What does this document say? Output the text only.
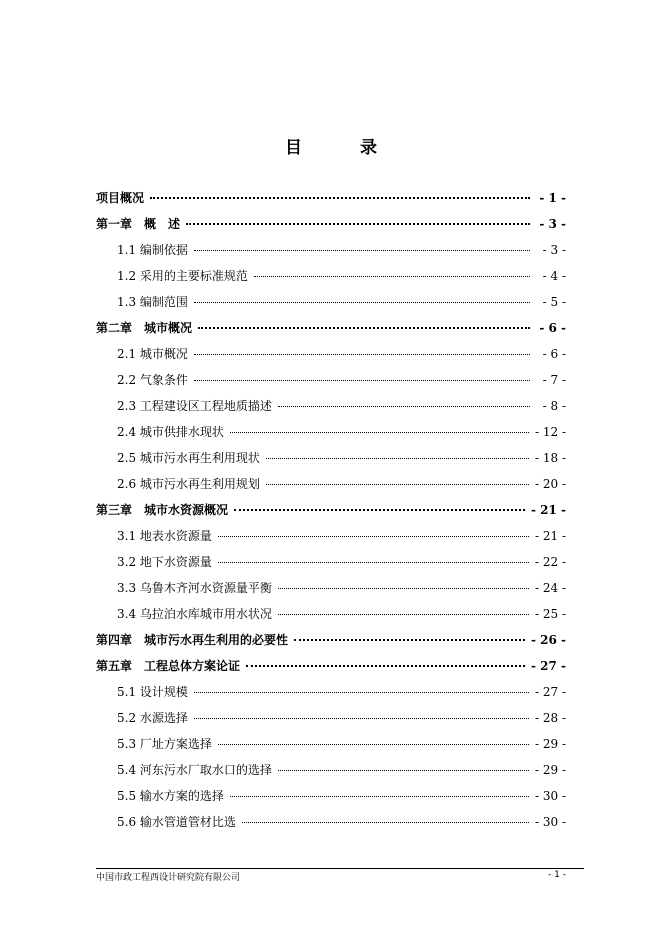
目 录
项目概况	- 1 -
第一章　概　述	- 3 -
1.1 编制依据	- 3 -
1.2 采用的主要标准规范	- 4 -
1.3 编制范围	- 5 -
第二章　城市概况	- 6 -
2.1 城市概况	- 6 -
2.2 气象条件	- 7 -
2.3 工程建设区工程地质描述	- 8 -
2.4 城市供排水现状	- 12 -
2.5 城市污水再生利用现状	- 18 -
2.6 城市污水再生利用规划	- 20 -
第三章　城市水资源概况	- 21 -
3.1 地表水资源量	- 21 -
3.2 地下水资源量	- 22 -
3.3 乌鲁木齐河水资源量平衡	- 24 -
3.4 乌拉泊水库城市用水状况	- 25 -
第四章　城市污水再生利用的必要性	- 26 -
第五章　工程总体方案论证	- 27 -
5.1 设计规模	- 27 -
5.2 水源选择	- 28 -
5.3 厂址方案选择	- 29 -
5.4 河东污水厂取水口的选择	- 29 -
5.5 输水方案的选择	- 30 -
5.6 输水管道管材比选	- 30 -
中国市政工程西设计研究院有限公司	- 1 -
